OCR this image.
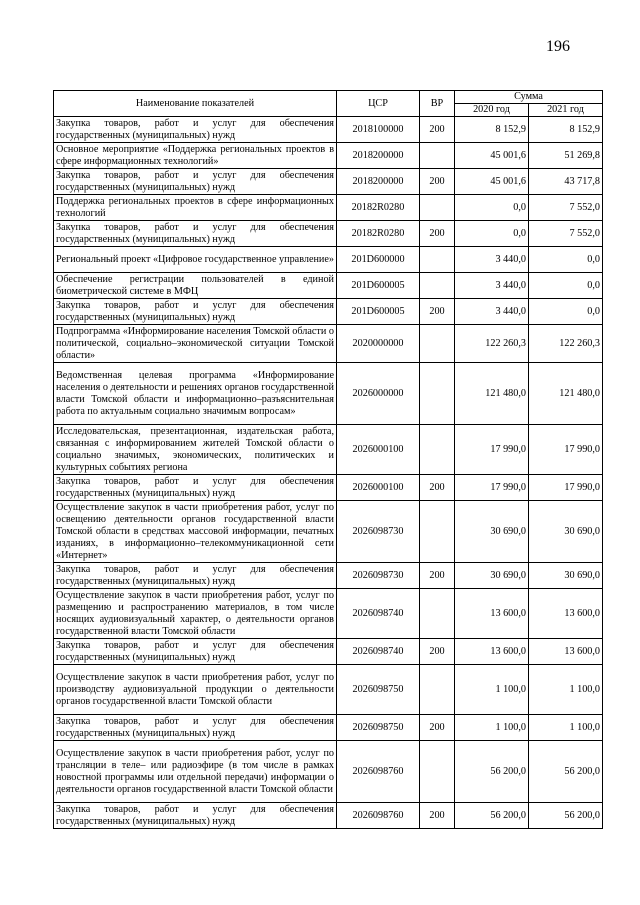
196
Наименование показателей	ЦСР	ВР	Сумма	
			2020 год	2021 год
Закупка товаров, работ и услуг для обеспечения государственных (муниципальных) нужд	2018100000	200	8 152,9	8 152,9
Основное мероприятие «Поддержка региональных проектов в сфере информационных технологий»	2018200000		45 001,6	51 269,8
Закупка товаров, работ и услуг для обеспечения государственных (муниципальных) нужд	2018200000	200	45 001,6	43 717,8
Поддержка региональных проектов в сфере информационных технологий	20182R0280		0,0	7 552,0
Закупка товаров, работ и услуг для обеспечения государственных (муниципальных) нужд	20182R0280	200	0,0	7 552,0
Региональный проект «Цифровое государственное управление»	201D600000		3 440,0	0,0
Обеспечение регистрации пользователей в единой биометрической системе в МФЦ	201D600005		3 440,0	0,0
Закупка товаров, работ и услуг для обеспечения государственных (муниципальных) нужд	201D600005	200	3 440,0	0,0
Подпрограмма «Информирование населения Томской области о политической, социально–экономической ситуации Томской области»	2020000000		122 260,3	122 260,3
Ведомственная целевая программа «Информирование населения о деятельности и решениях органов государственной власти Томской области и информационно–разъяснительная работа по актуальным социально значимым вопросам»	2026000000		121 480,0	121 480,0
Исследовательская, презентационная, издательская работа, связанная с информированием жителей Томской области о социально значимых, экономических, политических и культурных событиях региона	2026000100		17 990,0	17 990,0
Закупка товаров, работ и услуг для обеспечения государственных (муниципальных) нужд	2026000100	200	17 990,0	17 990,0
Осуществление закупок в части приобретения работ, услуг по освещению деятельности органов государственной власти Томской области в средствах массовой информации, печатных изданиях, в информационно–телекоммуникационной сети «Интернет»	2026098730		30 690,0	30 690,0
Закупка товаров, работ и услуг для обеспечения государственных (муниципальных) нужд	2026098730	200	30 690,0	30 690,0
Осуществление закупок в части приобретения работ, услуг по размещению и распространению материалов, в том числе носящих аудиовизуальный характер, о деятельности органов государственной власти Томской области	2026098740		13 600,0	13 600,0
Закупка товаров, работ и услуг для обеспечения государственных (муниципальных) нужд	2026098740	200	13 600,0	13 600,0
Осуществление закупок в части приобретения работ, услуг по производству аудиовизуальной продукции о деятельности органов государственной власти Томской области	2026098750		1 100,0	1 100,0
Закупка товаров, работ и услуг для обеспечения государственных (муниципальных) нужд	2026098750	200	1 100,0	1 100,0
Осуществление закупок в части приобретения работ, услуг по трансляции в теле– или радиоэфире (в том числе в рамках новостной программы или отдельной передачи) информации о деятельности органов государственной власти Томской области	2026098760		56 200,0	56 200,0
Закупка товаров, работ и услуг для обеспечения государственных (муниципальных) нужд	2026098760	200	56 200,0	56 200,0
